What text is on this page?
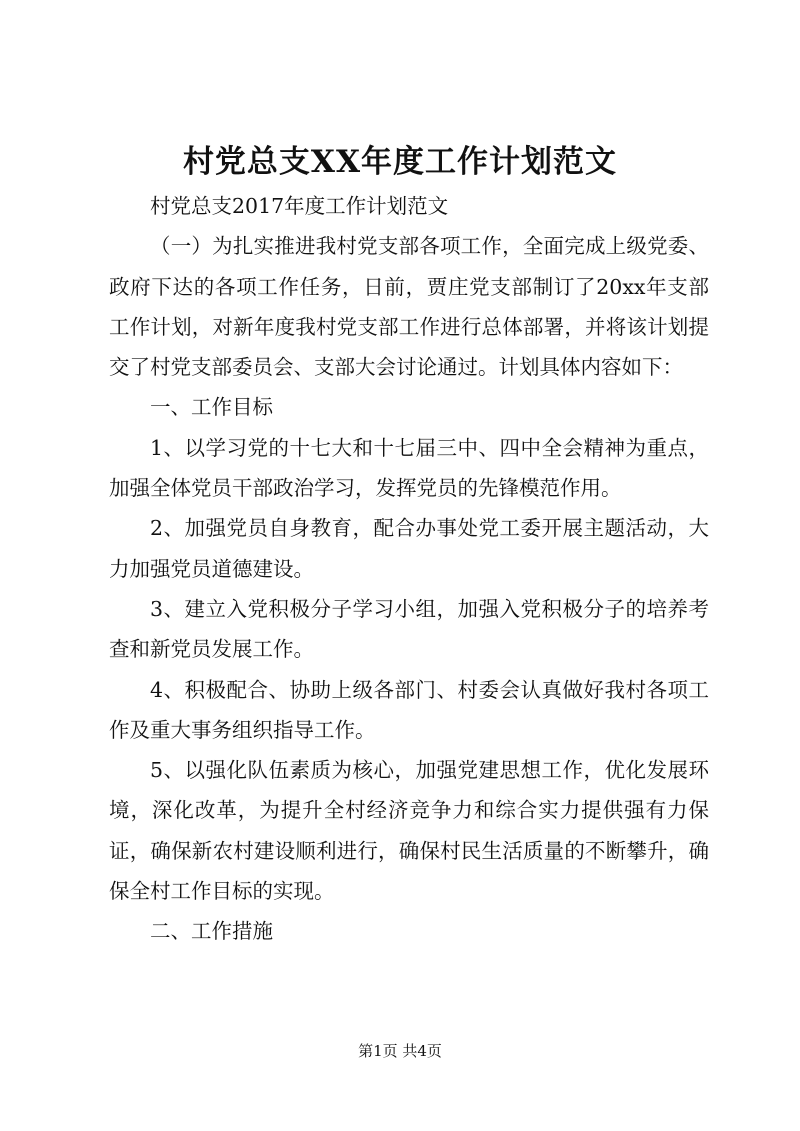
村党总支XX年度工作计划范文

村党总支2017年度工作计划范文

（一）为扎实推进我村党支部各项工作，全面完成上级党委、政府下达的各项工作任务，日前，贾庄党支部制订了20xx年支部工作计划，对新年度我村党支部工作进行总体部署，并将该计划提交了村党支部委员会、支部大会讨论通过。计划具体内容如下：

一、工作目标

1、以学习党的十七大和十七届三中、四中全会精神为重点，加强全体党员干部政治学习，发挥党员的先锋模范作用。

2、加强党员自身教育，配合办事处党工委开展主题活动，大力加强党员道德建设。

3、建立入党积极分子学习小组，加强入党积极分子的培养考查和新党员发展工作。

4、积极配合、协助上级各部门、村委会认真做好我村各项工作及重大事务组织指导工作。

5、以强化队伍素质为核心，加强党建思想工作，优化发展环境，深化改革，为提升全村经济竞争力和综合实力提供强有力保证，确保新农村建设顺利进行，确保村民生活质量的不断攀升，确保全村工作目标的实现。

二、工作措施

第1页 共4页
